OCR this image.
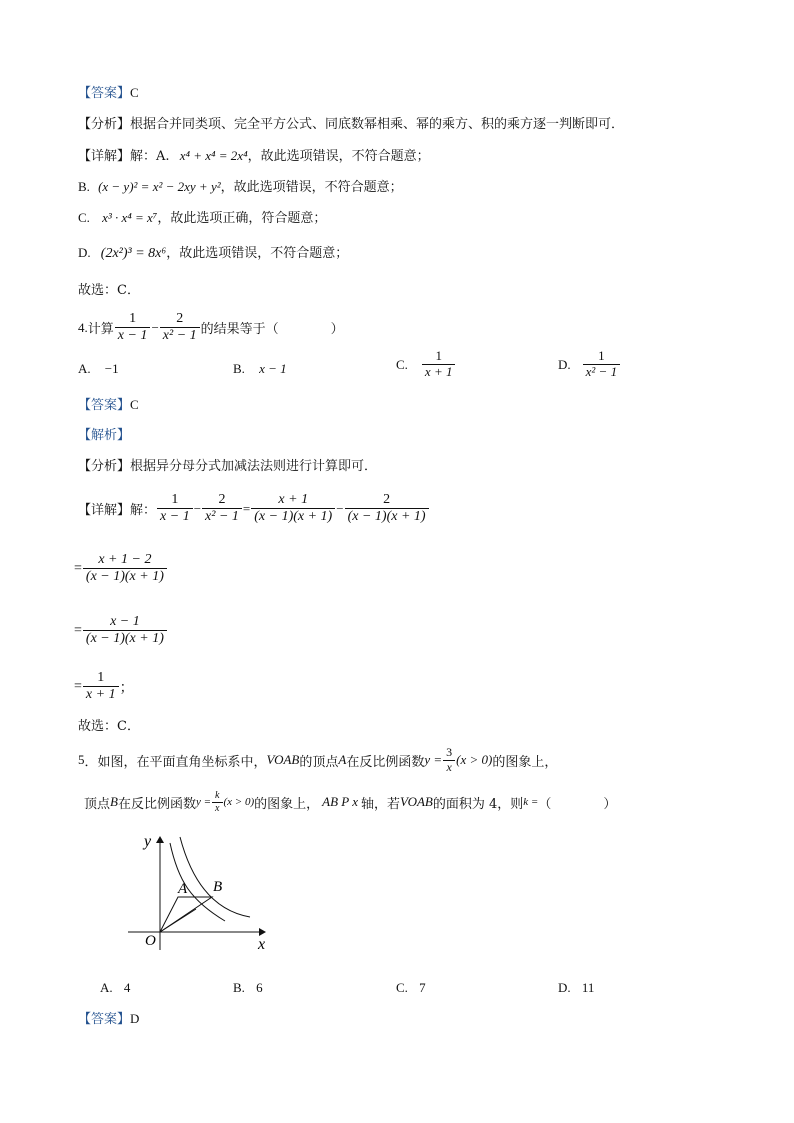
【答案】C
【分析】根据合并同类项、完全平方公式、同底数幂相乘、幂的乘方、积的乘方逐一判断即可．
【详解】解：A. x⁴ + x⁴ = 2x⁴，故此选项错误，不符合题意；
B. (x − y)² = x² − 2xy + y²，故此选项错误，不符合题意；
C. x³ · x⁴ = x⁷，故此选项正确，符合题意；
D. (2x²)³ = 8x⁶，故此选项错误，不符合题意；
故选：C．
4. 计算 $\frac{1}{x - 1} - \frac{2}{\text{x² − 1}}$ 的结果等于（　　　　）
A. −1	B. x − 1	C. $\frac{1}{x + 1}$	D. $\frac{1}{\text{x² − 1}}$
【答案】C
【解析】
【分析】根据异分母分式加减法法则进行计算即可．
【详解】 解： $\frac{1}{x - 1} - \frac{2}{\text{x² − 1}} = \frac{x + 1}{(x - 1)(x + 1)} - \frac{2}{(x - 1)(x + 1)}$
= $\frac{x + 1 - 2}{(x - 1)(x + 1)}$
= $\frac{x - 1}{(x - 1)(x + 1)}$
= $\frac{1}{x + 1}$ ；
故选：C．
5 ．如图，在平面直角坐标系中， VOAB 的顶点 A 在反比例函数 $y = \frac{3}{x} (x > 0)$ 的图象上，
顶点 B 在反比例函数 $y = \frac{k}{x} (x > 0)$ 的图象上， AB P x 轴，若 VOAB 的面积为 4，则 k = （　　　　）
y
x
O
A B
A. 4	B. 6	C. 7	D. 11
【答案】D
